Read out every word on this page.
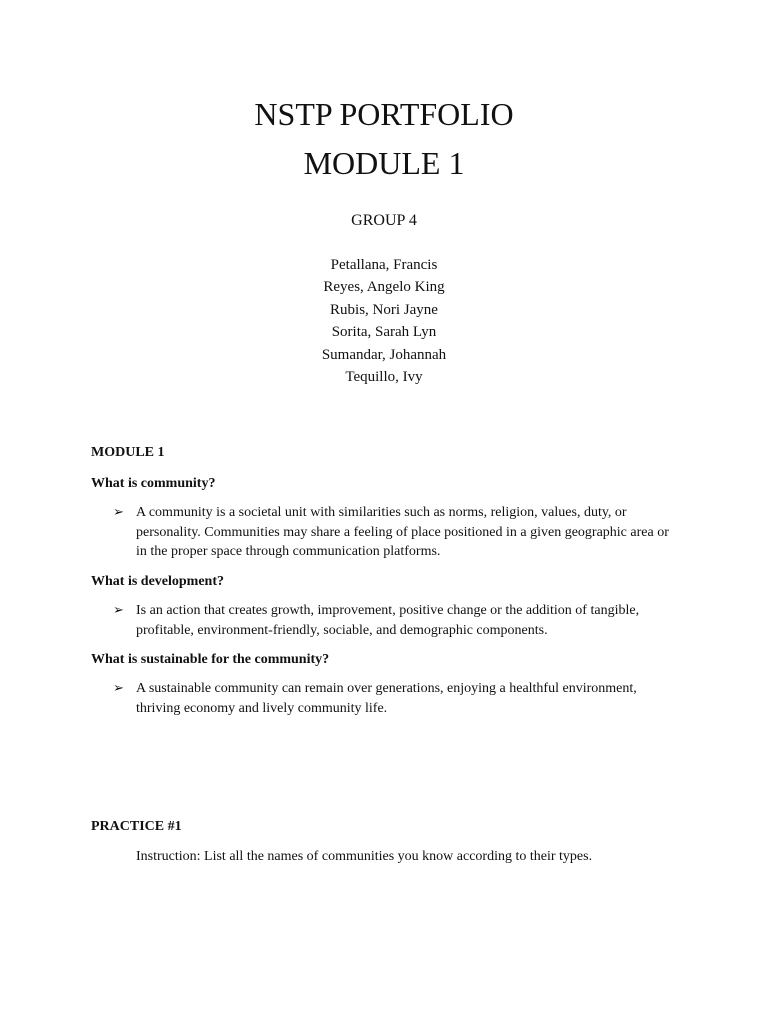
NSTP PORTFOLIO
MODULE 1
GROUP 4
Petallana, Francis
Reyes, Angelo King
Rubis, Nori Jayne
Sorita, Sarah Lyn
Sumandar, Johannah
Tequillo, Ivy
MODULE 1
What is community?
➢ A community is a societal unit with similarities such as norms, religion, values, duty, or personality. Communities may share a feeling of place positioned in a given geographic area or in the proper space through communication platforms.
What is development?
➢ Is an action that creates growth, improvement, positive change or the addition of tangible, profitable, environment-friendly, sociable, and demographic components.
What is sustainable for the community?
➢ A sustainable community can remain over generations, enjoying a healthful environment, thriving economy and lively community life.
PRACTICE #1
Instruction: List all the names of communities you know according to their types.
